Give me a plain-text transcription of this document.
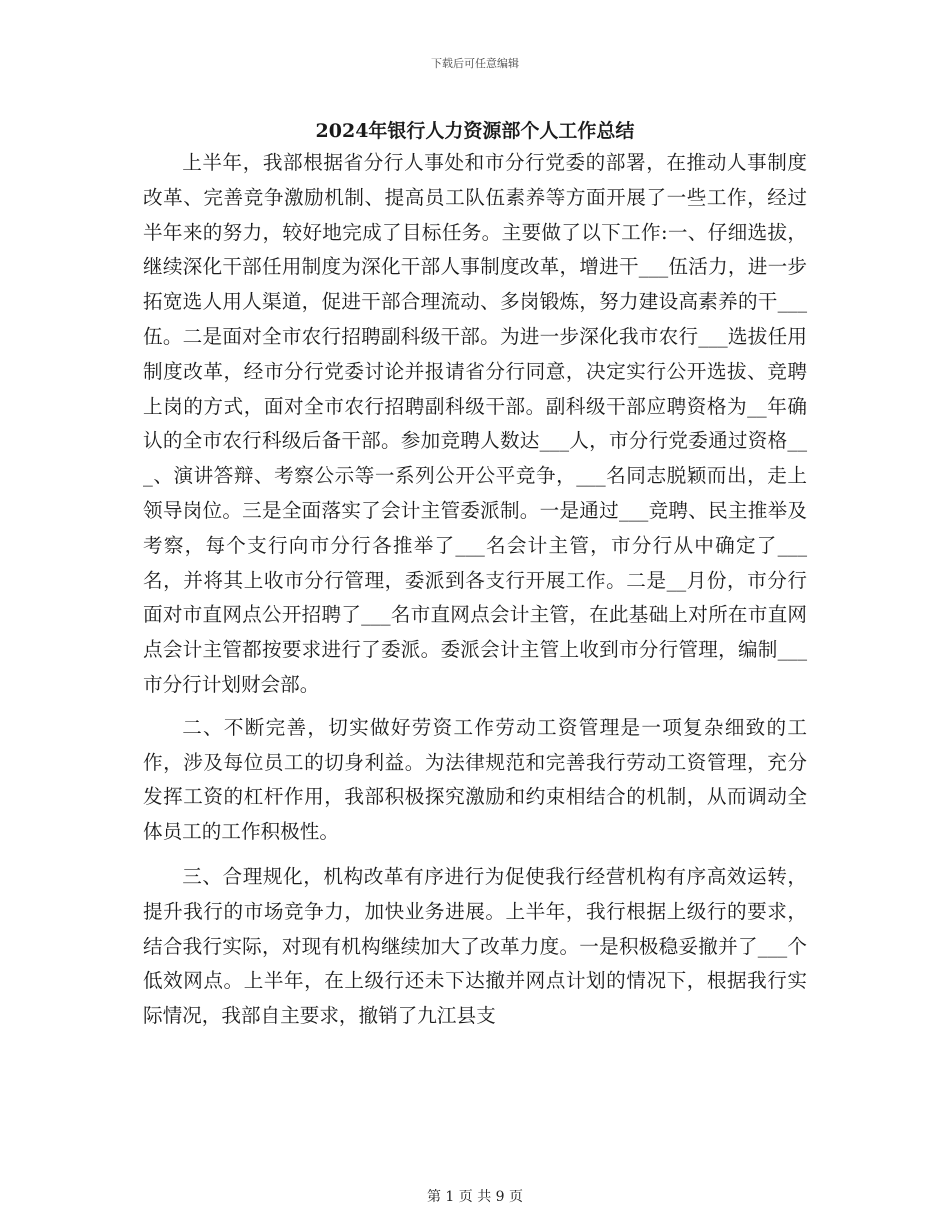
下载后可任意编辑
2024年银行人力资源部个人工作总结

上半年，我部根据省分行人事处和市分行党委的部署，在推动人事制度改革、完善竞争激励机制、提高员工队伍素养等方面开展了一些工作，经过半年来的努力，较好地完成了目标任务。主要做了以下工作:一、仔细选拔，继续深化干部任用制度为深化干部人事制度改革，增进干___伍活力，进一步拓宽选人用人渠道，促进干部合理流动、多岗锻炼，努力建设高素养的干___伍。二是面对全市农行招聘副科级干部。为进一步深化我市农行___选拔任用制度改革，经市分行党委讨论并报请省分行同意，决定实行公开选拔、竞聘上岗的方式，面对全市农行招聘副科级干部。副科级干部应聘资格为__年确认的全市农行科级后备干部。参加竞聘人数达___人，市分行党委通过资格___、演讲答辩、考察公示等一系列公开公平竞争，___名同志脱颖而出，走上领导岗位。三是全面落实了会计主管委派制。一是通过___竞聘、民主推举及考察，每个支行向市分行各推举了___名会计主管，市分行从中确定了___名，并将其上收市分行管理，委派到各支行开展工作。二是__月份，市分行面对市直网点公开招聘了___名市直网点会计主管，在此基础上对所在市直网点会计主管都按要求进行了委派。委派会计主管上收到市分行管理，编制___市分行计划财会部。

二、不断完善，切实做好劳资工作劳动工资管理是一项复杂细致的工作，涉及每位员工的切身利益。为法律规范和完善我行劳动工资管理，充分发挥工资的杠杆作用，我部积极探究激励和约束相结合的机制，从而调动全体员工的工作积极性。

三、合理规化，机构改革有序进行为促使我行经营机构有序高效运转，提升我行的市场竞争力，加快业务进展。上半年，我行根据上级行的要求，结合我行实际，对现有机构继续加大了改革力度。一是积极稳妥撤并了___个低效网点。上半年，在上级行还未下达撤并网点计划的情况下，根据我行实际情况，我部自主要求，撤销了九江县支

第 1 页 共 9 页
